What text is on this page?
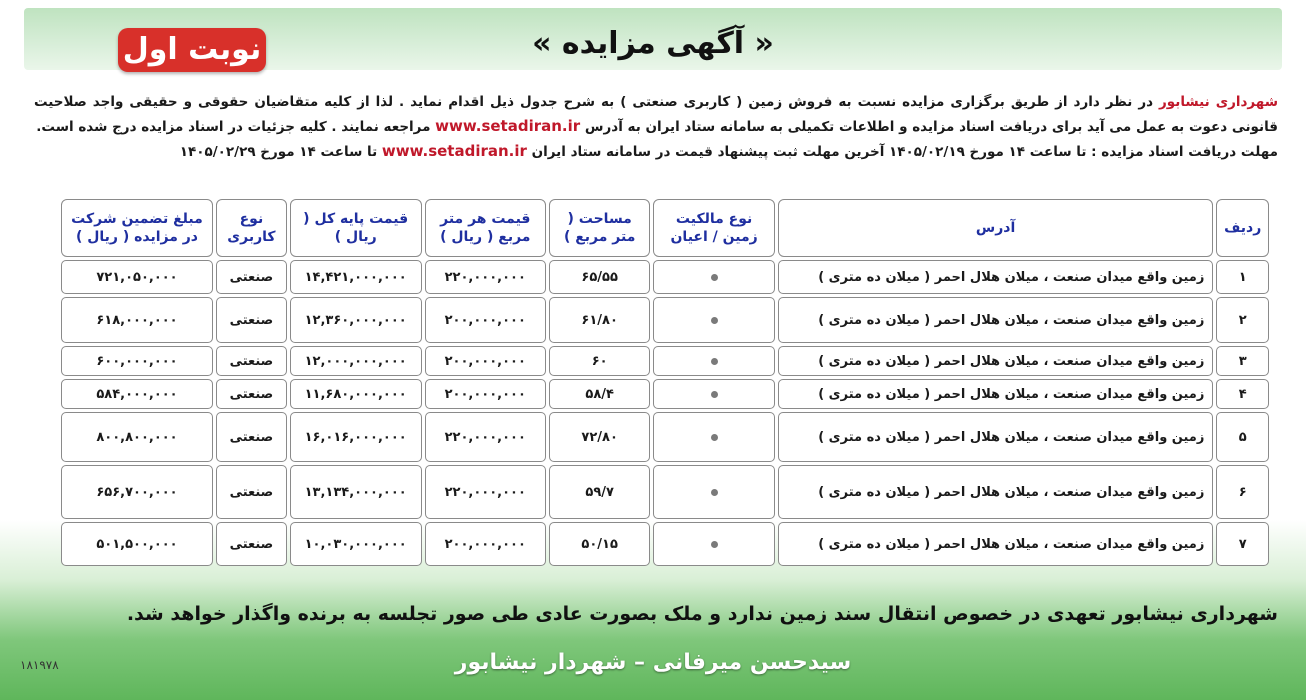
« آگهی مزایده »
نوبت اول
شهرداری نیشابور در نظر دارد از طریق برگزاری مزایده نسبت به فروش زمین ( کاربری صنعتی ) به شرح جدول ذیل اقدام نماید . لذا از کلیه متقاضیان حقوقی و حقیقی واجد صلاحیت قانونی دعوت به عمل می آید برای دریافت اسناد مزایده و اطلاعات تکمیلی به سامانه ستاد ایران به آدرس www.setadiran.ir مراجعه نمایند . کلیه جزئیات در اسناد مزایده درج شده است.
مهلت دریافت اسناد مزایده : تا ساعت ۱۴ مورخ ۱۴۰۵/۰۲/۱۹ آخرین مهلت ثبت پیشنهاد قیمت در سامانه ستاد ایران www.setadiran.ir تا ساعت ۱۴ مورخ ۱۴۰۵/۰۲/۲۹
ردیف	آدرس	نوع مالکیت زمین / اعیان	مساحت ( متر مربع )	قیمت هر متر مربع ( ریال )	قیمت پایه کل ( ریال )	نوع کاربری	مبلغ تضمین شرکت در مزایده ( ریال )
۱	زمین واقع میدان صنعت ، میلان هلال احمر ( میلان ده متری )		۶۵/۵۵	۲۲۰,۰۰۰,۰۰۰	۱۴,۴۲۱,۰۰۰,۰۰۰	صنعتی	۷۲۱,۰۵۰,۰۰۰
۲	زمین واقع میدان صنعت ، میلان هلال احمر ( میلان ده متری )		۶۱/۸۰	۲۰۰,۰۰۰,۰۰۰	۱۲,۳۶۰,۰۰۰,۰۰۰	صنعتی	۶۱۸,۰۰۰,۰۰۰
۳	زمین واقع میدان صنعت ، میلان هلال احمر ( میلان ده متری )		۶۰	۲۰۰,۰۰۰,۰۰۰	۱۲,۰۰۰,۰۰۰,۰۰۰	صنعتی	۶۰۰,۰۰۰,۰۰۰
۴	زمین واقع میدان صنعت ، میلان هلال احمر ( میلان ده متری )		۵۸/۴	۲۰۰,۰۰۰,۰۰۰	۱۱,۶۸۰,۰۰۰,۰۰۰	صنعتی	۵۸۴,۰۰۰,۰۰۰
۵	زمین واقع میدان صنعت ، میلان هلال احمر ( میلان ده متری )		۷۲/۸۰	۲۲۰,۰۰۰,۰۰۰	۱۶,۰۱۶,۰۰۰,۰۰۰	صنعتی	۸۰۰,۸۰۰,۰۰۰
۶	زمین واقع میدان صنعت ، میلان هلال احمر ( میلان ده متری )		۵۹/۷	۲۲۰,۰۰۰,۰۰۰	۱۳,۱۳۴,۰۰۰,۰۰۰	صنعتی	۶۵۶,۷۰۰,۰۰۰
۷	زمین واقع میدان صنعت ، میلان هلال احمر ( میلان ده متری )		۵۰/۱۵	۲۰۰,۰۰۰,۰۰۰	۱۰,۰۳۰,۰۰۰,۰۰۰	صنعتی	۵۰۱,۵۰۰,۰۰۰
شهرداری نیشابور تعهدی در خصوص انتقال سند زمین ندارد و ملک بصورت عادی طی صور تجلسه به برنده واگذار خواهد شد.
سیدحسن میرفانی – شهردار نیشابور
۱۸۱۹۷۸
